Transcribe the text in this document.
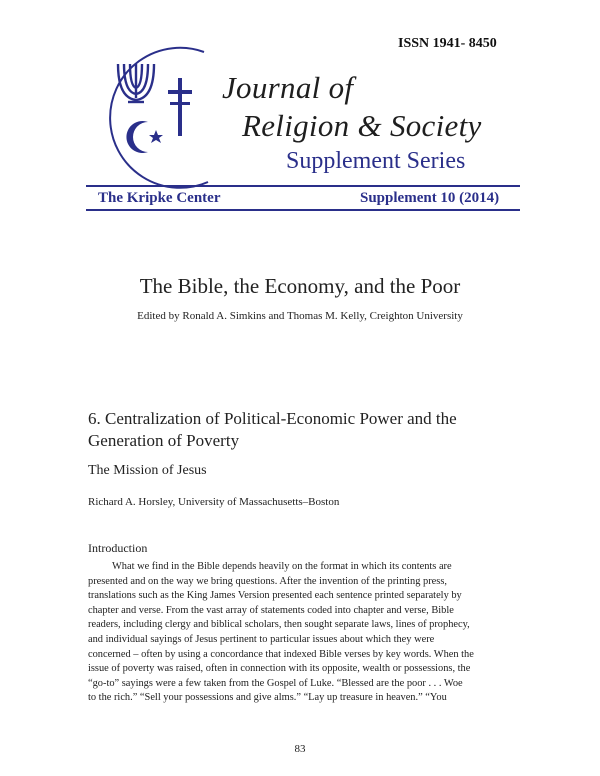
ISSN 1941- 8450
Journal of
Religion & Society
Supplement Series
The Kripke Center	Supplement 10 (2014)
The Bible, the Economy, and the Poor
Edited by Ronald A. Simkins and Thomas M. Kelly, Creighton University
6. Centralization of Political-Economic Power and the
Generation of Poverty
The Mission of Jesus
Richard A. Horsley, University of Massachusetts–Boston
Introduction
What we find in the Bible depends heavily on the format in which its contents are
presented and on the way we bring questions. After the invention of the printing press,
translations such as the King James Version presented each sentence printed separately by
chapter and verse. From the vast array of statements coded into chapter and verse, Bible
readers, including clergy and biblical scholars, then sought separate laws, lines of prophecy,
and individual sayings of Jesus pertinent to particular issues about which they were
concerned – often by using a concordance that indexed Bible verses by key words. When the
issue of poverty was raised, often in connection with its opposite, wealth or possessions, the
“go-to” sayings were a few taken from the Gospel of Luke. “Blessed are the poor . . . Woe
to the rich.” “Sell your possessions and give alms.” “Lay up treasure in heaven.” “You
83
